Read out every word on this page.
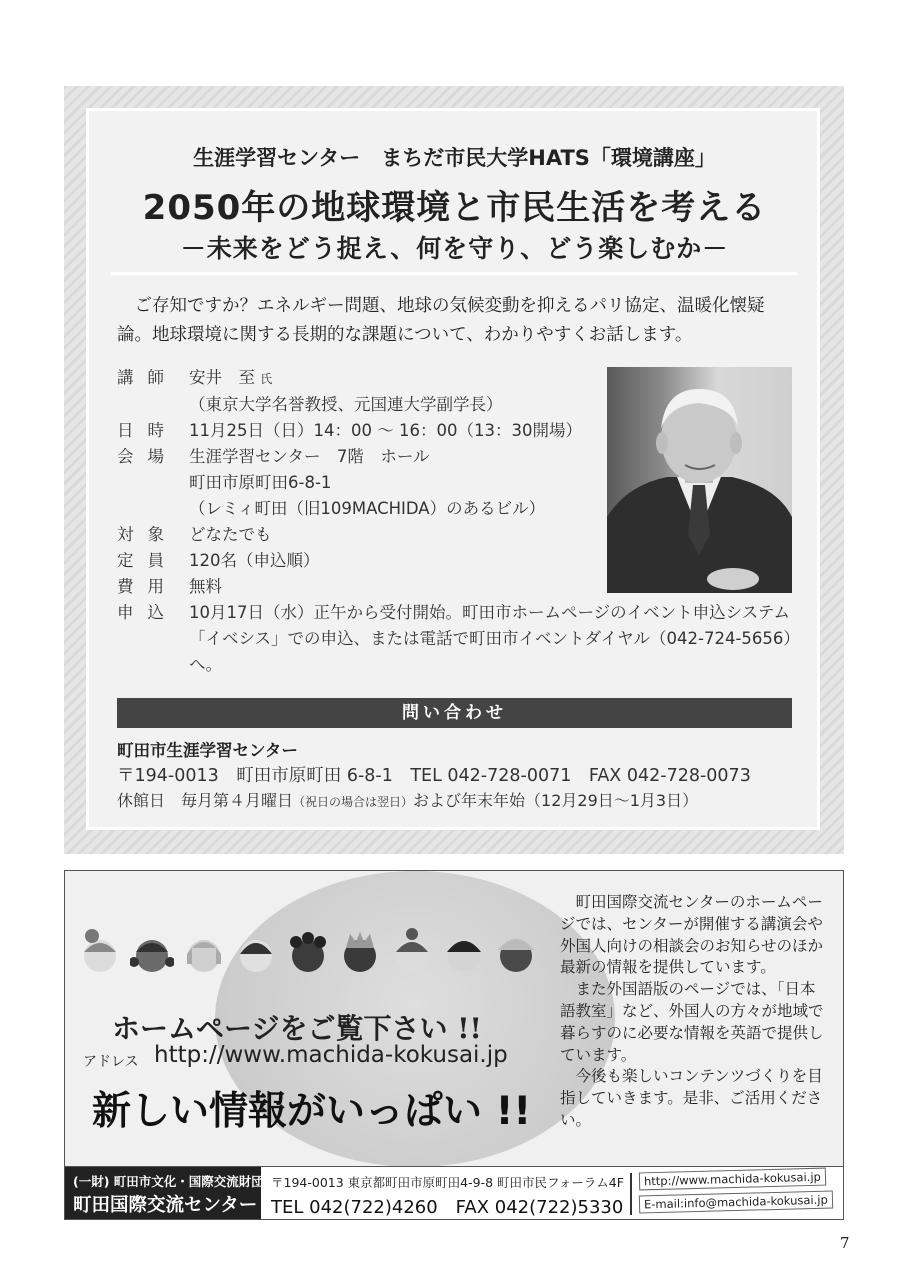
生涯学習センター　まちだ市民大学HATS「環境講座」
2050年の地球環境と市民生活を考える
－未来をどう捉え、何を守り、どう楽しむか－
　ご存知ですか？エネルギー問題、地球の気候変動を抑えるパリ協定、温暖化懐疑論。地球環境に関する長期的な課題について、わかりやすくお話します。
講師 安井　至 氏
（東京大学名誉教授、元国連大学副学長）
日時 11月25日（日）14：00 ～ 16：00（13：30開場）
会場 生涯学習センター　7階　ホール
町田市原町田6-8-1
（レミィ町田（旧109MACHIDA）のあるビル）
対象 どなたでも
定員 120名（申込順）
費用 無料
申込 10月17日（水）正午から受付開始。町田市ホームページのイベント申込システム「イベシス」での申込、または電話で町田市イベントダイヤル（042-724-5656）へ。
問い合わせ
町田市生涯学習センター
〒194-0013　町田市原町田 6-8-1　TEL 042-728-0071　FAX 042-728-0073
休館日　毎月第４月曜日（祝日の場合は翌日）および年末年始（12月29日～1月3日）
ホームページをご覧下さい !!
アドレス http://www.machida-kokusai.jp
新しい情報がいっぱい !!

町田国際交流センターのホームページでは、センターが開催する講演会や外国人向けの相談会のお知らせのほか最新の情報を提供しています。

また外国語版のページでは、「日本語教室」など、外国人の方々が地域で暮らすのに必要な情報を英語で提供しています。

今後も楽しいコンテンツづくりを目指していきます。是非、ご活用ください。

(一財) 町田市文化・国際交流財団
町田国際交流センター
〒194-0013 東京都町田市原町田4-9-8 町田市民フォーラム4F
TEL 042(722)4260　FAX 042(722)5330
http://www.machida-kokusai.jp
E-mail:info@machida-kokusai.jp
7
